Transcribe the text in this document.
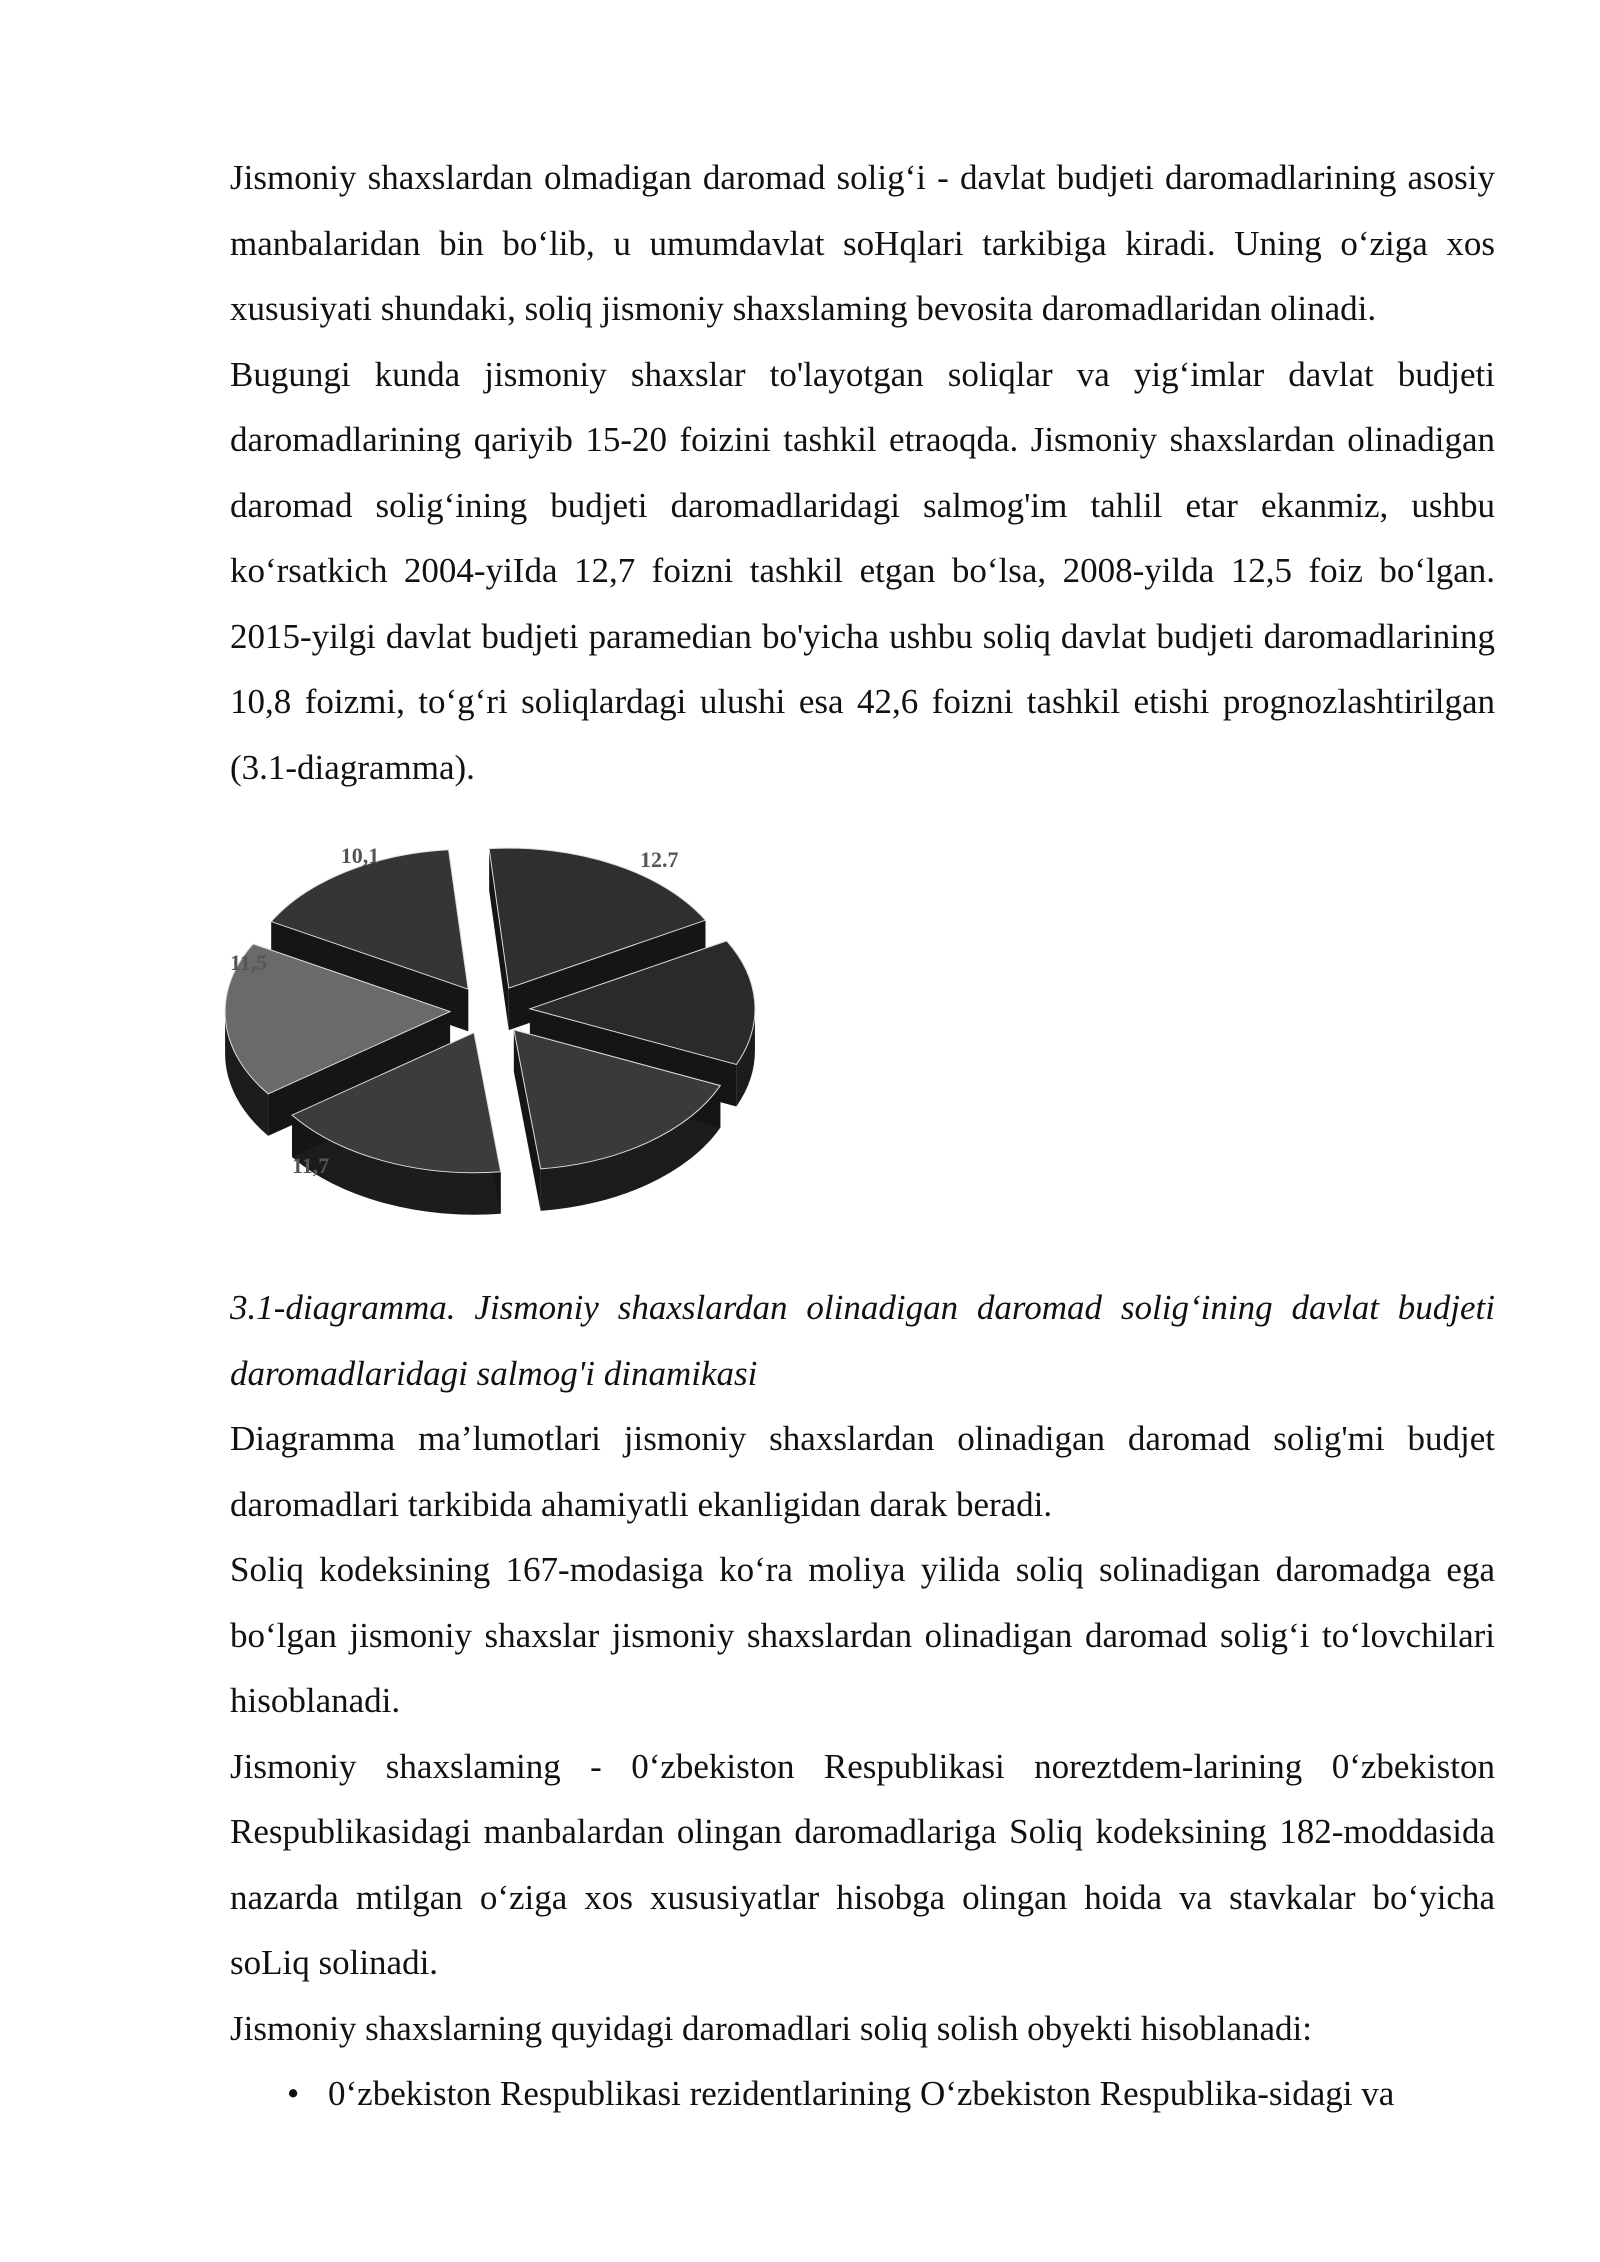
Jismoniy shaxslardan olmadigan daromad solig‘i - davlat budjeti daromadlarining asosiy manbalaridan bin bo‘lib, u umumdavlat soHqlari tarkibiga kiradi. Uning o‘ziga xos xususiyati shundaki, soliq jismoniy shaxslaming bevosita daromadlaridan olinadi.

Bugungi kunda jismoniy shaxslar to'layotgan soliqlar va yig‘imlar davlat budjeti daromadlarining qariyib 15-20 foizini tashkil etraoqda. Jismoniy shaxslardan olinadigan daromad solig‘ining budjeti daromadlaridagi salmog'im tahlil etar ekanmiz, ushbu ko‘rsatkich 2004-yiIda 12,7 foizni tashkil etgan bo‘lsa, 2008-yilda 12,5 foiz bo‘lgan. 2015-yilgi davlat budjeti paramedian bo'yicha ushbu soliq davlat budjeti daromadlarining 10,8 foizmi, to‘g‘ri soliqlardagi ulushi esa 42,6 foizni tashkil etishi prognozlashtirilgan (3.1-diagramma).

12.7
10,1
11,5
11,7

3.1-diagramma. Jismoniy shaxslardan olinadigan daromad solig‘ining davlat budjeti daromadlaridagi salmog'i dinamikasi

Diagramma ma’lumotlari jismoniy shaxslardan olinadigan daromad solig'mi budjet daromadlari tarkibida ahamiyatli ekanligidan darak beradi.

Soliq kodeksining 167-modasiga ko‘ra moliya yilida soliq solinadigan daromadga ega bo‘lgan jismoniy shaxslar jismoniy shaxslardan olinadigan daromad solig‘i to‘lovchilari hisoblanadi.

Jismoniy shaxslaming - 0‘zbekiston Respublikasi noreztdem-larining 0‘zbekiston Respublikasidagi manbalardan olingan daromadlariga Soliq kodeksining 182-moddasida nazarda mtilgan o‘ziga xos xususiyatlar hisobga olingan hoida va stavkalar bo‘yicha soLiq solinadi.

Jismoniy shaxslarning quyidagi daromadlari soliq solish obyekti hisoblanadi:

• 0‘zbekiston Respublikasi rezidentlarining O‘zbekiston Respublika-sidagi va
